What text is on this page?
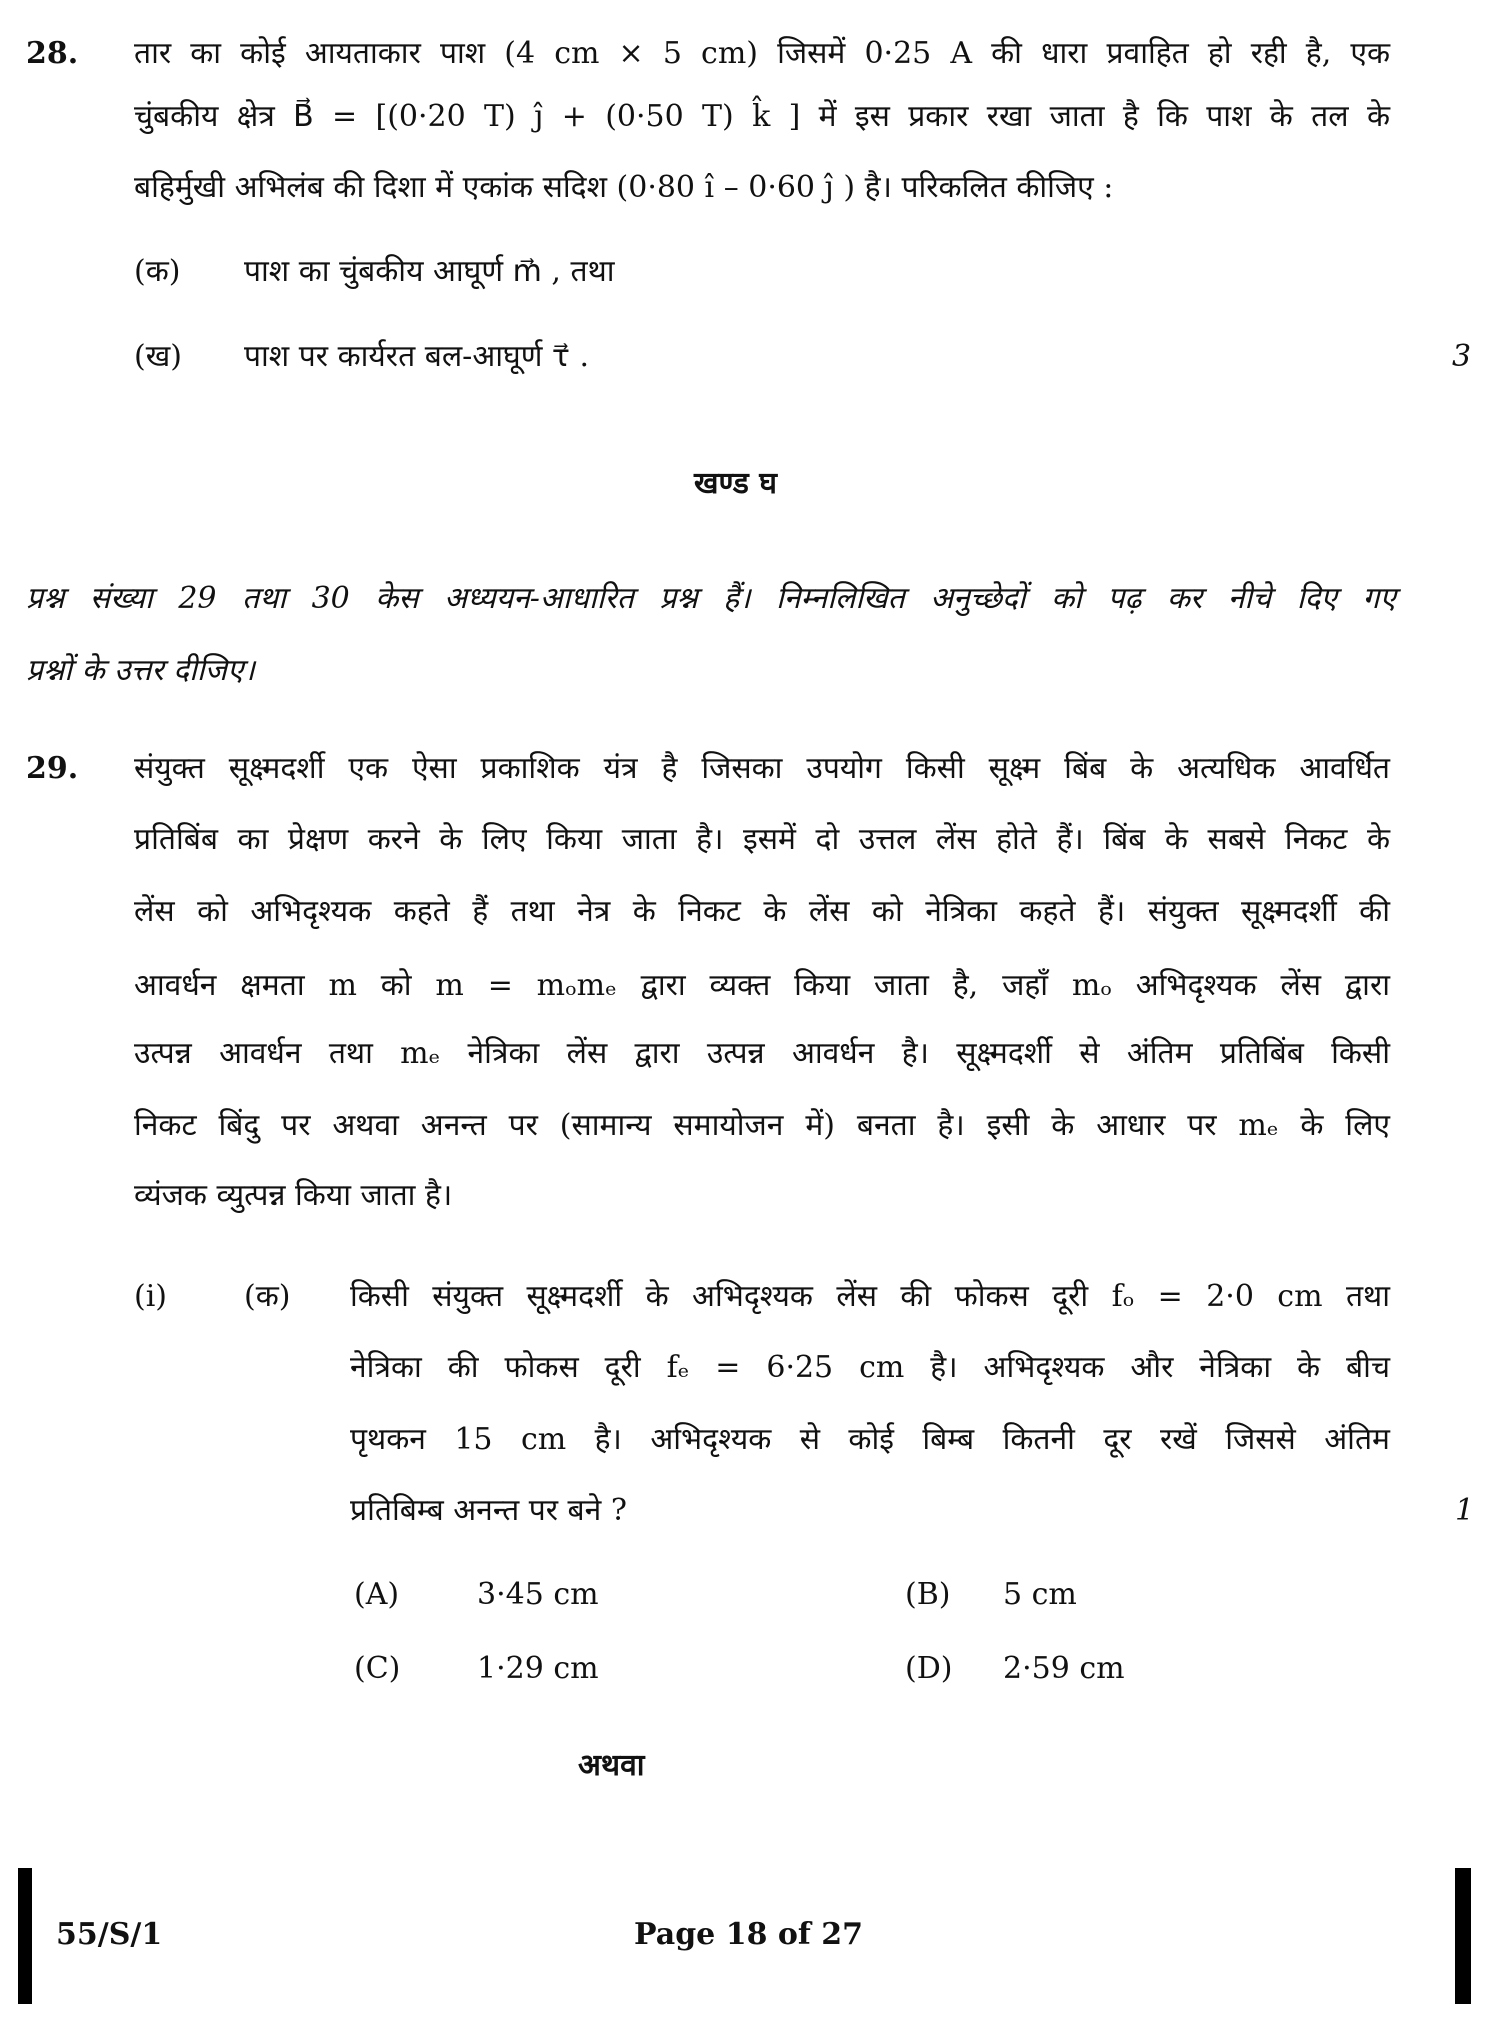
28. तार का कोई आयताकार पाश (4 cm × 5 cm) जिसमें 0·25 A की धारा प्रवाहित हो रही है, एक
चुंबकीय क्षेत्र B⃗ = [(0·20 T) ĵ + (0·50 T) k̂ ] में इस प्रकार रखा जाता है कि पाश के तल के
बहिर्मुखी अभिलंब की दिशा में एकांक सदिश (0·80 î – 0·60 ĵ ) है। परिकलित कीजिए :
(क) पाश का चुंबकीय आघूर्ण m⃗ , तथा
(ख) पाश पर कार्यरत बल-आघूर्ण τ⃗ .	3
खण्ड घ
प्रश्न संख्या 29 तथा 30 केस अध्ययन-आधारित प्रश्न हैं। निम्नलिखित अनुच्छेदों को पढ़ कर नीचे दिए गए
प्रश्नों के उत्तर दीजिए।
29. संयुक्त सूक्ष्मदर्शी एक ऐसा प्रकाशिक यंत्र है जिसका उपयोग किसी सूक्ष्म बिंब के अत्यधिक आवर्धित
प्रतिबिंब का प्रेक्षण करने के लिए किया जाता है। इसमें दो उत्तल लेंस होते हैं। बिंब के सबसे निकट के
लेंस को अभिदृश्यक कहते हैं तथा नेत्र के निकट के लेंस को नेत्रिका कहते हैं। संयुक्त सूक्ष्मदर्शी की
आवर्धन क्षमता m को m = mₒmₑ द्वारा व्यक्त किया जाता है, जहाँ mₒ अभिदृश्यक लेंस द्वारा
उत्पन्न आवर्धन तथा mₑ नेत्रिका लेंस द्वारा उत्पन्न आवर्धन है। सूक्ष्मदर्शी से अंतिम प्रतिबिंब किसी
निकट बिंदु पर अथवा अनन्त पर (सामान्य समायोजन में) बनता है। इसी के आधार पर mₑ के लिए
व्यंजक व्युत्पन्न किया जाता है।
(i)	(क) किसी संयुक्त सूक्ष्मदर्शी के अभिदृश्यक लेंस की फोकस दूरी fₒ = 2·0 cm तथा
नेत्रिका की फोकस दूरी fₑ = 6·25 cm है। अभिदृश्यक और नेत्रिका के बीच
पृथकन 15 cm है। अभिदृश्यक से कोई बिम्ब कितनी दूर रखें जिससे अंतिम
प्रतिबिम्ब अनन्त पर बने ?	1
(A)	3·45 cm	(B) 5 cm
(C)	1·29 cm	(D) 2·59 cm
अथवा
55/S/1	Page 18 of 27
